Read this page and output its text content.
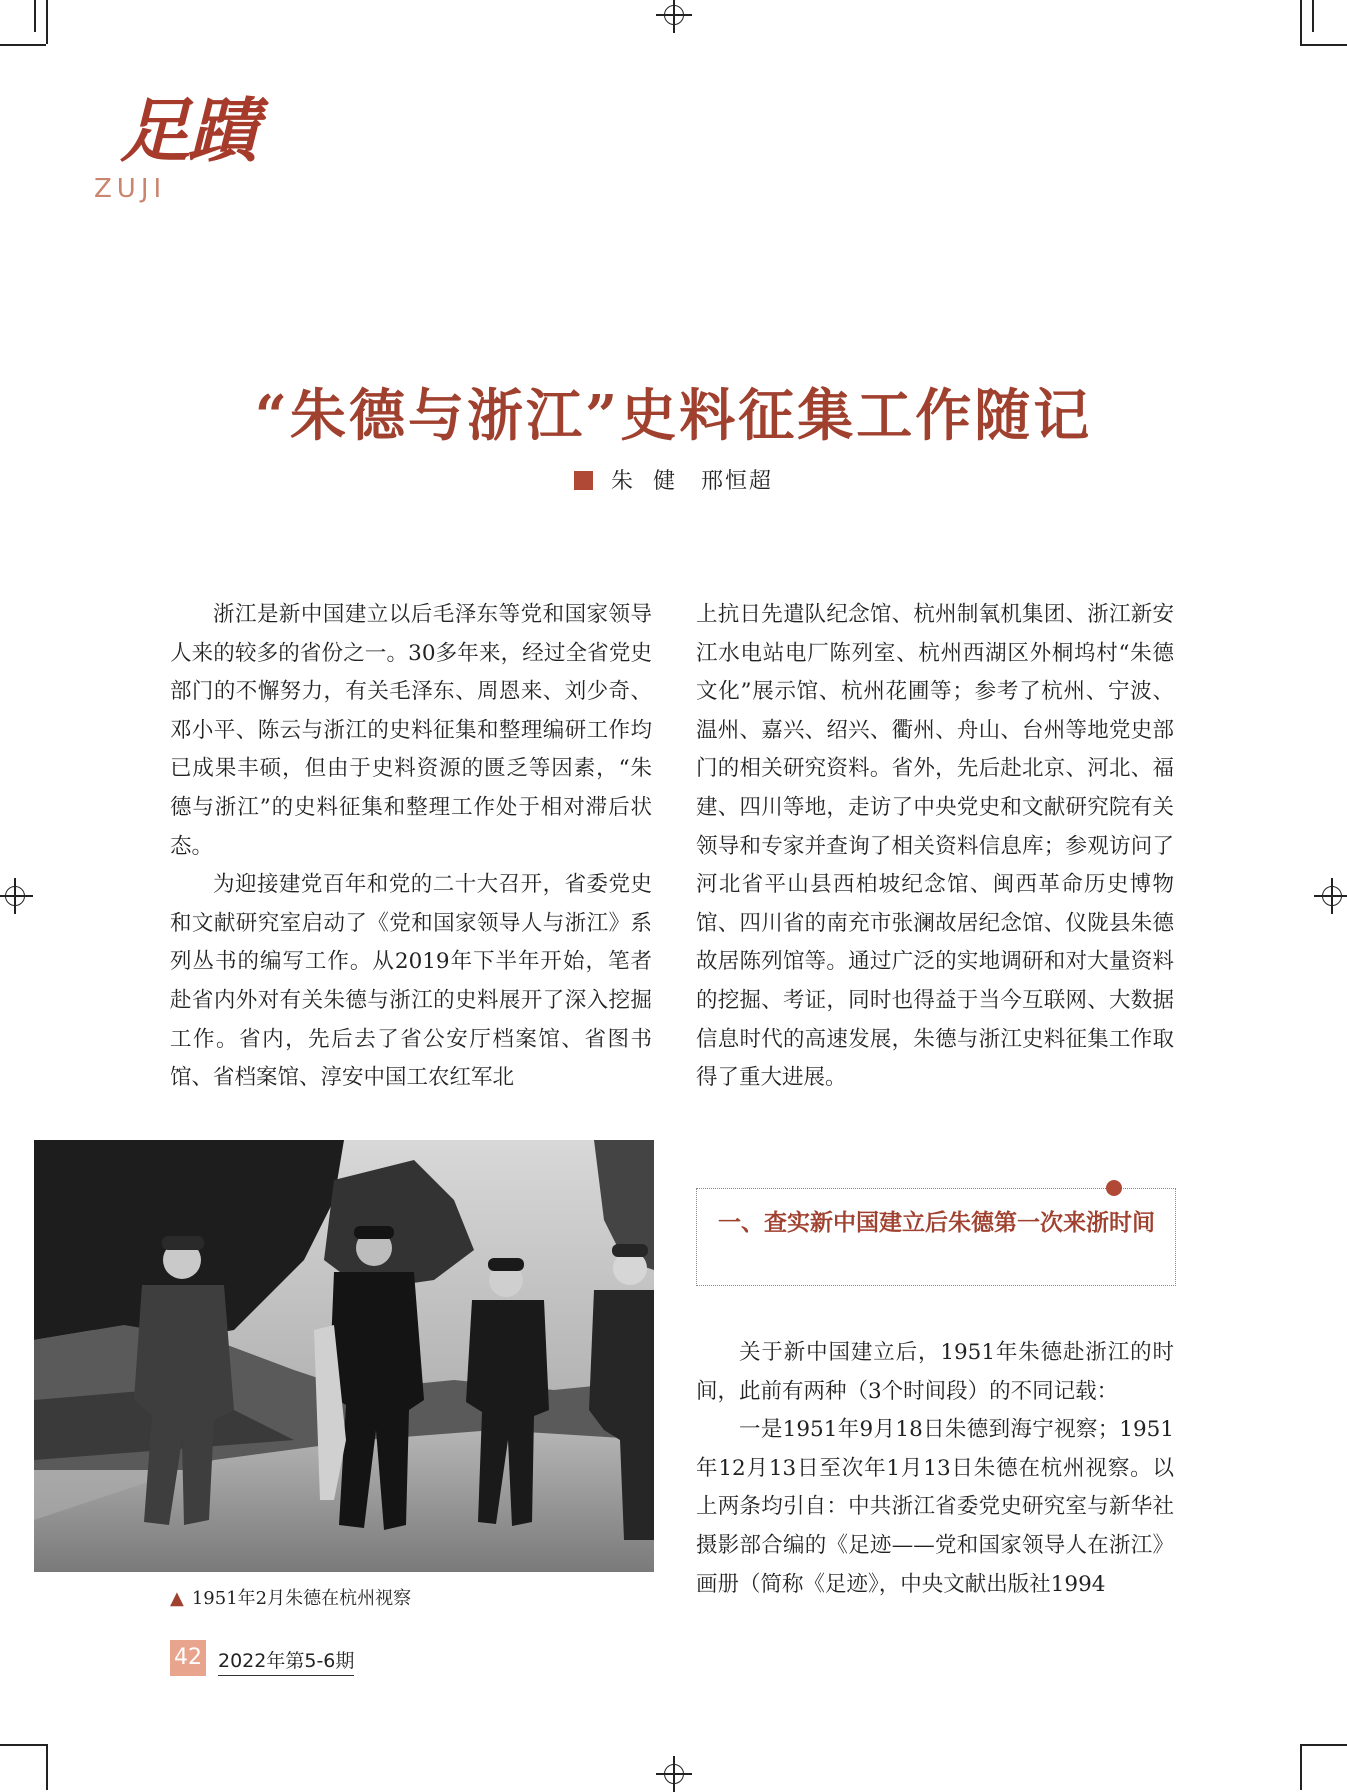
足蹟
ZUJI
“朱德与浙江”史料征集工作随记
朱健 邢恒超

浙江是新中国建立以后毛泽东等党和国家领导人来的较多的省份之一。30多年来，经过全省党史部门的不懈努力，有关毛泽东、周恩来、刘少奇、邓小平、陈云与浙江的史料征集和整理编研工作均已成果丰硕，但由于史料资源的匮乏等因素，“朱德与浙江”的史料征集和整理工作处于相对滞后状态。

为迎接建党百年和党的二十大召开，省委党史和文献研究室启动了《党和国家领导人与浙江》系列丛书的编写工作。从2019年下半年开始，笔者赴省内外对有关朱德与浙江的史料展开了深入挖掘工作。省内，先后去了省公安厅档案馆、省图书馆、省档案馆、淳安中国工农红军北

上抗日先遣队纪念馆、杭州制氧机集团、浙江新安江水电站电厂陈列室、杭州西湖区外桐坞村“朱德文化”展示馆、杭州花圃等；参考了杭州、宁波、温州、嘉兴、绍兴、衢州、舟山、台州等地党史部门的相关研究资料。省外，先后赴北京、河北、福建、四川等地，走访了中央党史和文献研究院有关领导和专家并查询了相关资料信息库；参观访问了河北省平山县西柏坡纪念馆、闽西革命历史博物馆、四川省的南充市张澜故居纪念馆、仪陇县朱德故居陈列馆等。通过广泛的实地调研和对大量资料的挖掘、考证，同时也得益于当今互联网、大数据信息时代的高速发展，朱德与浙江史料征集工作取得了重大进展。

一、查实新中国建立后朱德第一次来浙时间

关于新中国建立后，1951年朱德赴浙江的时间，此前有两种（3个时间段）的不同记载：

一是1951年9月18日朱德到海宁视察；1951年12月13日至次年1月13日朱德在杭州视察。以上两条均引自：中共浙江省委党史研究室与新华社摄影部合编的《足迹——党和国家领导人在浙江》画册（简称《足迹》，中央文献出版社1994

▲ 1951年2月朱德在杭州视察
42 2022年第5-6期
